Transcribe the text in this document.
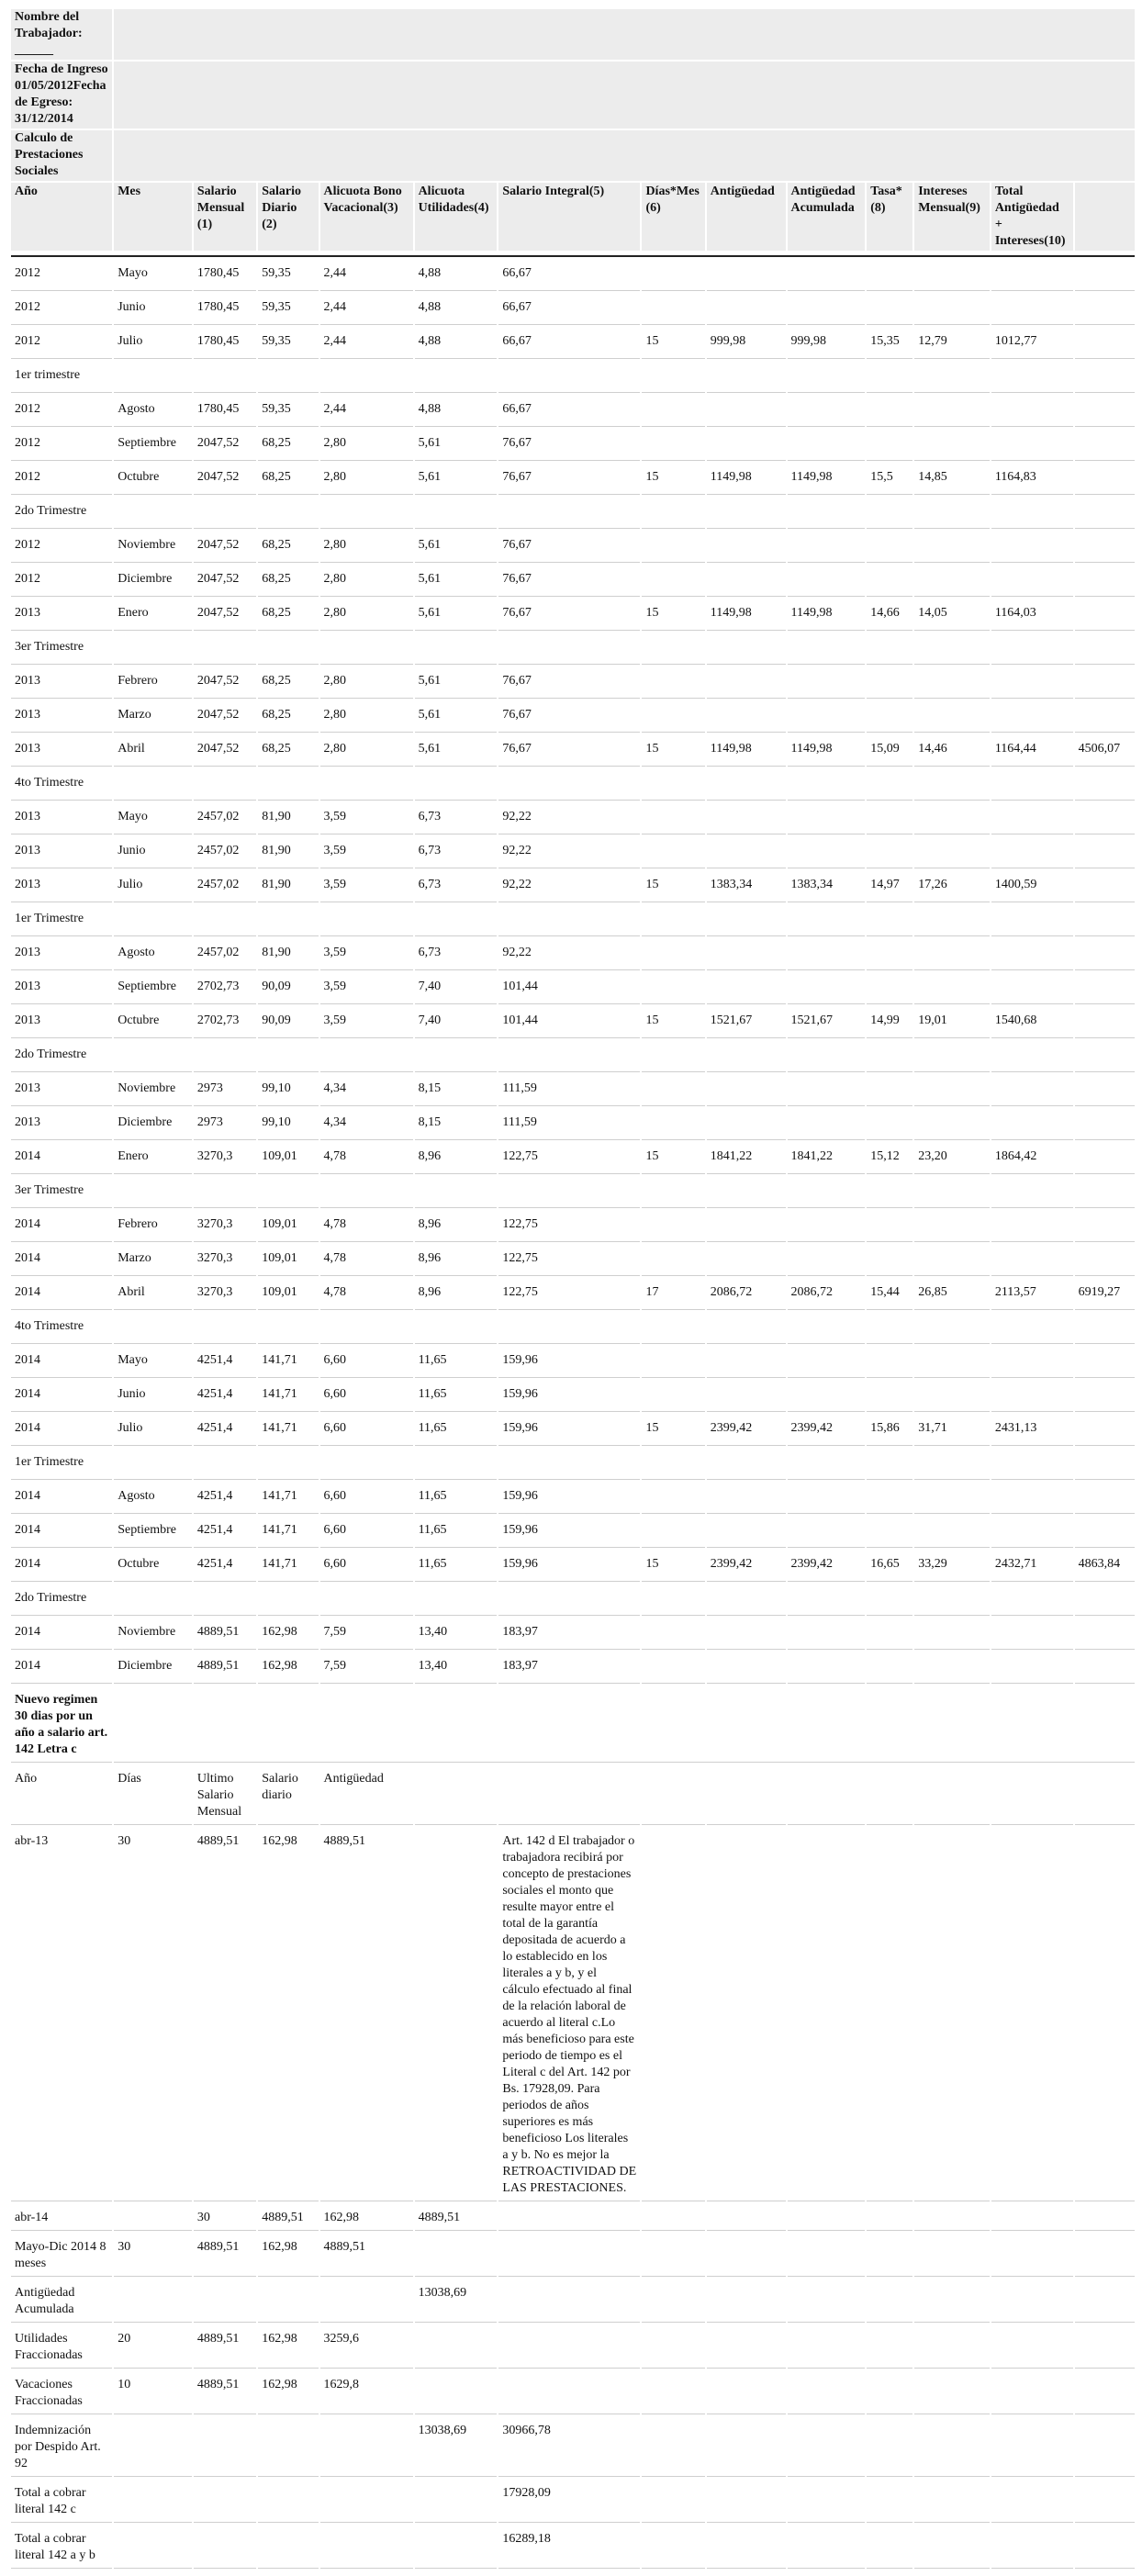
Nombre del Trabajador: ______													
Fecha de Ingreso 01/05/2012Fecha de Egreso: 31/12/2014													
Calculo de Prestaciones Sociales													
Año	Mes	Salario Mensual (1)	Salario Diario (2)	Alicuota Bono Vacacional(3)	Alicuota Utilidades(4)	Salario Integral(5)	Días*Mes (6)	Antigüedad	Antigüedad Acumulada	Tasa* (8)	Intereses Mensual(9)	Total Antigüedad + Intereses(10)	

2012	Mayo	1780,45	59,35	2,44	4,88	66,67							
2012	Junio	1780,45	59,35	2,44	4,88	66,67							
2012	Julio	1780,45	59,35	2,44	4,88	66,67	15	999,98	999,98	15,35	12,79	1012,77	
1er trimestre													
2012	Agosto	1780,45	59,35	2,44	4,88	66,67							
2012	Septiembre	2047,52	68,25	2,80	5,61	76,67							
2012	Octubre	2047,52	68,25	2,80	5,61	76,67	15	1149,98	1149,98	15,5	14,85	1164,83	
2do Trimestre													
2012	Noviembre	2047,52	68,25	2,80	5,61	76,67							
2012	Diciembre	2047,52	68,25	2,80	5,61	76,67							
2013	Enero	2047,52	68,25	2,80	5,61	76,67	15	1149,98	1149,98	14,66	14,05	1164,03	
3er Trimestre													
2013	Febrero	2047,52	68,25	2,80	5,61	76,67							
2013	Marzo	2047,52	68,25	2,80	5,61	76,67							
2013	Abril	2047,52	68,25	2,80	5,61	76,67	15	1149,98	1149,98	15,09	14,46	1164,44	4506,07
4to Trimestre													
2013	Mayo	2457,02	81,90	3,59	6,73	92,22							
2013	Junio	2457,02	81,90	3,59	6,73	92,22							
2013	Julio	2457,02	81,90	3,59	6,73	92,22	15	1383,34	1383,34	14,97	17,26	1400,59	
1er Trimestre													
2013	Agosto	2457,02	81,90	3,59	6,73	92,22							
2013	Septiembre	2702,73	90,09	3,59	7,40	101,44							
2013	Octubre	2702,73	90,09	3,59	7,40	101,44	15	1521,67	1521,67	14,99	19,01	1540,68	
2do Trimestre													
2013	Noviembre	2973	99,10	4,34	8,15	111,59							
2013	Diciembre	2973	99,10	4,34	8,15	111,59							
2014	Enero	3270,3	109,01	4,78	8,96	122,75	15	1841,22	1841,22	15,12	23,20	1864,42	
3er Trimestre													
2014	Febrero	3270,3	109,01	4,78	8,96	122,75							
2014	Marzo	3270,3	109,01	4,78	8,96	122,75							
2014	Abril	3270,3	109,01	4,78	8,96	122,75	17	2086,72	2086,72	15,44	26,85	2113,57	6919,27
4to Trimestre													
2014	Mayo	4251,4	141,71	6,60	11,65	159,96							
2014	Junio	4251,4	141,71	6,60	11,65	159,96							
2014	Julio	4251,4	141,71	6,60	11,65	159,96	15	2399,42	2399,42	15,86	31,71	2431,13	
1er Trimestre													
2014	Agosto	4251,4	141,71	6,60	11,65	159,96							
2014	Septiembre	4251,4	141,71	6,60	11,65	159,96							
2014	Octubre	4251,4	141,71	6,60	11,65	159,96	15	2399,42	2399,42	16,65	33,29	2432,71	4863,84
2do Trimestre													
2014	Noviembre	4889,51	162,98	7,59	13,40	183,97							
2014	Diciembre	4889,51	162,98	7,59	13,40	183,97							
Nuevo regimen 30 dias por un año a salario art. 142 Letra c													
Año	Días	Ultimo Salario Mensual	Salario diario	Antigüedad									
abr-13	30	4889,51	162,98	4889,51		Art. 142 d El trabajador o trabajadora recibirá por concepto de prestaciones sociales el monto que resulte mayor entre el total de la garantía depositada de acuerdo a lo establecido en los literales a y b, y el cálculo efectuado al final de la relación laboral de acuerdo al literal c.Lo más beneficioso para este periodo de tiempo es el Literal c del Art. 142 por Bs. 17928,09. Para periodos de años superiores es más beneficioso Los literales a y b. No es mejor la RETROACTIVIDAD DE LAS PRESTACIONES.							
abr-14		30	4889,51	162,98	4889,51								
Mayo-Dic 2014 8 meses	30	4889,51	162,98	4889,51									
Antigüedad Acumulada					13038,69								
Utilidades Fraccionadas	20	4889,51	162,98	3259,6									
Vacaciones Fraccionadas	10	4889,51	162,98	1629,8									
Indemnización por Despido Art. 92					13038,69	30966,78							
Total a cobrar literal 142 c						17928,09							
Total a cobrar literal 142 a y b						16289,18							
